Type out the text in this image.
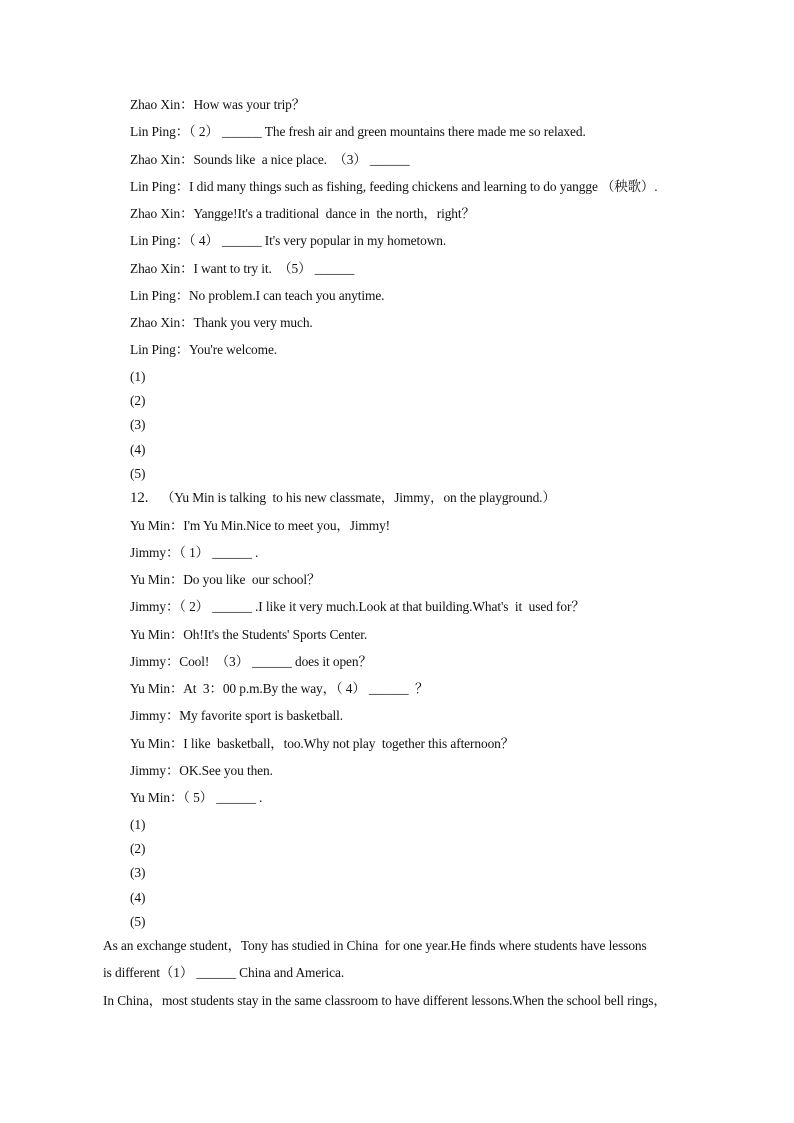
Zhao Xin：How was your trip？
Lin Ping：（ 2） ______ The fresh air and green mountains there made me so relaxed.
Zhao Xin：Sounds like  a nice place.  （3） ______
Lin Ping：I did many things such as fishing, feeding chickens and learning to do yangge （秧歌）.
Zhao Xin：Yangge!It's a traditional  dance in  the north，right？
Lin Ping：（ 4） ______ It's very popular in my hometown.
Zhao Xin：I want to try it.  （5） ______
Lin Ping：No problem.I can teach you anytime.
Zhao Xin：Thank you very much.
Lin Ping：You're welcome.
(1)
(2)
(3)
(4)
(5)
12. （Yu Min is talking  to his new classmate，Jimmy，on the playground.）
Yu Min：I'm Yu Min.Nice to meet you，Jimmy!
Jimmy：（ 1） ______ .
Yu Min：Do you like  our school？
Jimmy：（ 2） ______ .I like it very much.Look at that building.What's  it  used for？
Yu Min：Oh!It's the Students' Sports Center.
Jimmy：Cool!  （3） ______ does it open？
Yu Min：At  3：00 p.m.By the way，（ 4） ______  ？
Jimmy：My favorite sport is basketball.
Yu Min：I like  basketball，too.Why not play  together this afternoon？
Jimmy：OK.See you then.
Yu Min：（ 5） ______ .
(1)
(2)
(3)
(4)
(5)
As an exchange student，Tony has studied in China  for one year.He finds where students have lessons
is different（1） ______ China and America.
In China，most students stay in the same classroom to have different lessons.When the school bell rings，
